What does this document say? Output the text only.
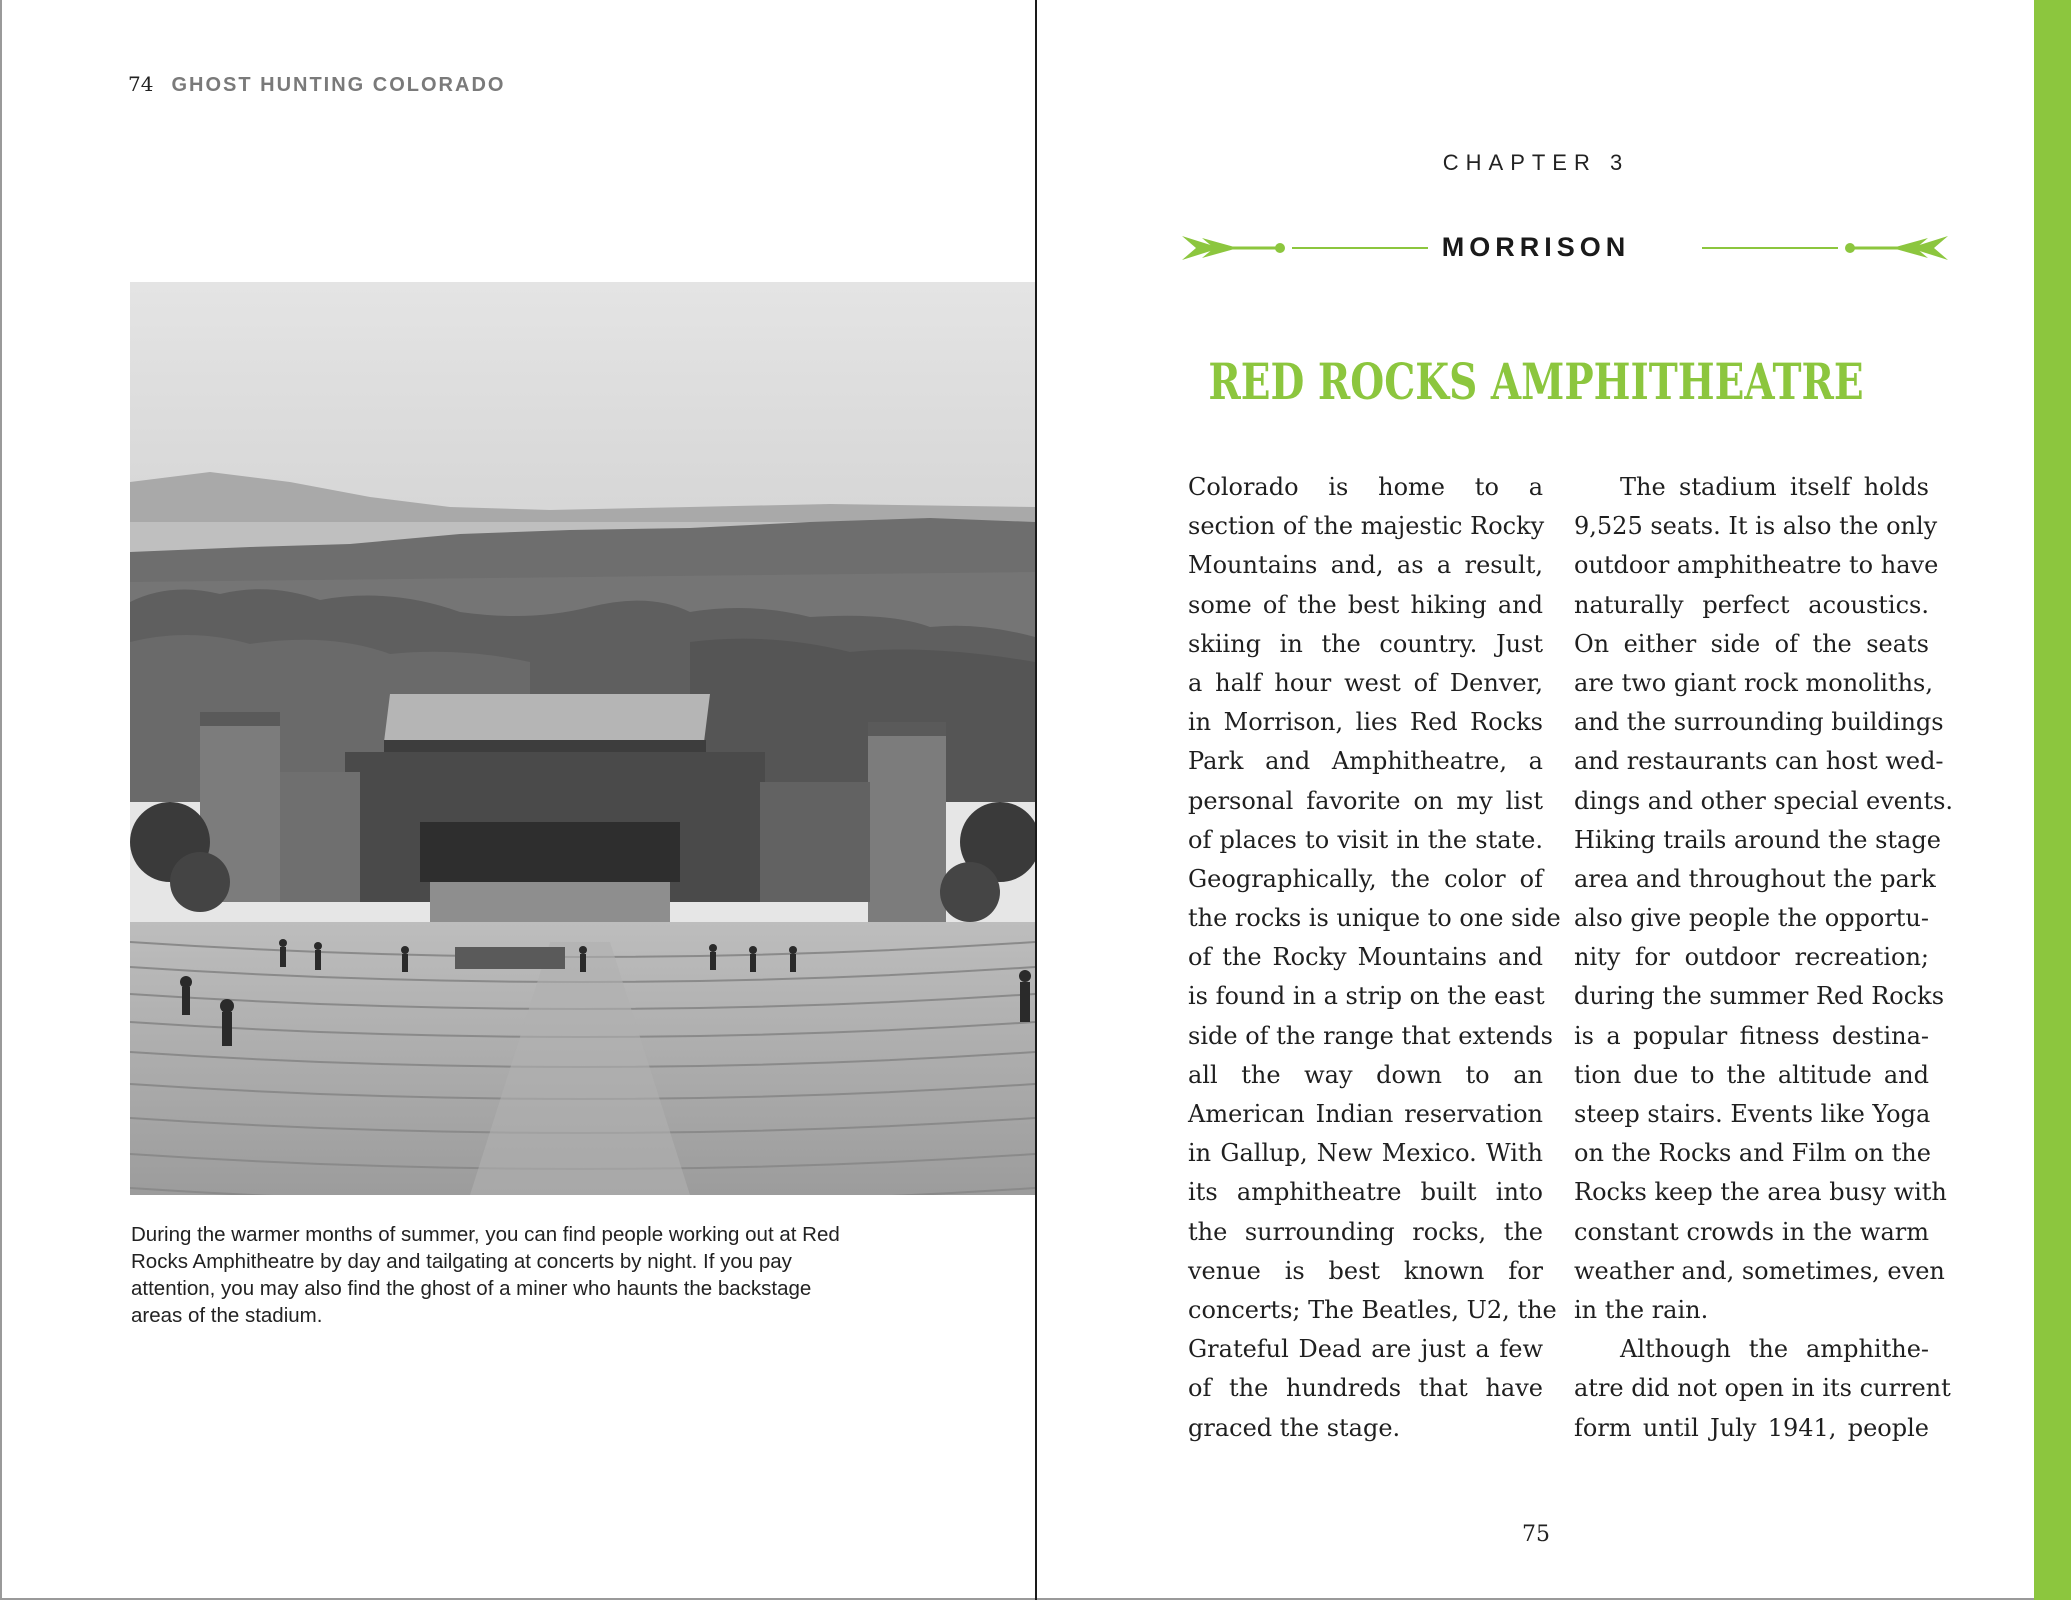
74 GHOST HUNTING COLORADO
During the warmer months of summer, you can find people working out at Red Rocks Amphitheatre by day and tailgating at concerts by night. If you pay attention, you may also find the ghost of a miner who haunts the backstage areas of the stadium.
CHAPTER 3
MORRISON
RED ROCKS AMPHITHEATRE
Colorado is home to a
section of the majestic Rocky
Mountains and, as a result,
some of the best hiking and
skiing in the country. Just
a half hour west of Denver,
in Morrison, lies Red Rocks
Park and Amphitheatre, a
personal favorite on my list
of places to visit in the state.
Geographically, the color of
the rocks is unique to one side
of the Rocky Mountains and
is found in a strip on the east
side of the range that extends
all the way down to an
American Indian reservation
in Gallup, New Mexico. With
its amphitheatre built into
the surrounding rocks, the
venue is best known for
concerts; The Beatles, U2, the
Grateful Dead are just a few
of the hundreds that have
graced the stage.
The stadium itself holds
9,525 seats. It is also the only
outdoor amphitheatre to have
naturally perfect acoustics.
On either side of the seats
are two giant rock monoliths,
and the surrounding buildings
and restaurants can host wed-
dings and other special events.
Hiking trails around the stage
area and throughout the park
also give people the opportu-
nity for outdoor recreation;
during the summer Red Rocks
is a popular fitness destina-
tion due to the altitude and
steep stairs. Events like Yoga
on the Rocks and Film on the
Rocks keep the area busy with
constant crowds in the warm
weather and, sometimes, even
in the rain.
Although the amphithe-
atre did not open in its current
form until July 1941, people
75
